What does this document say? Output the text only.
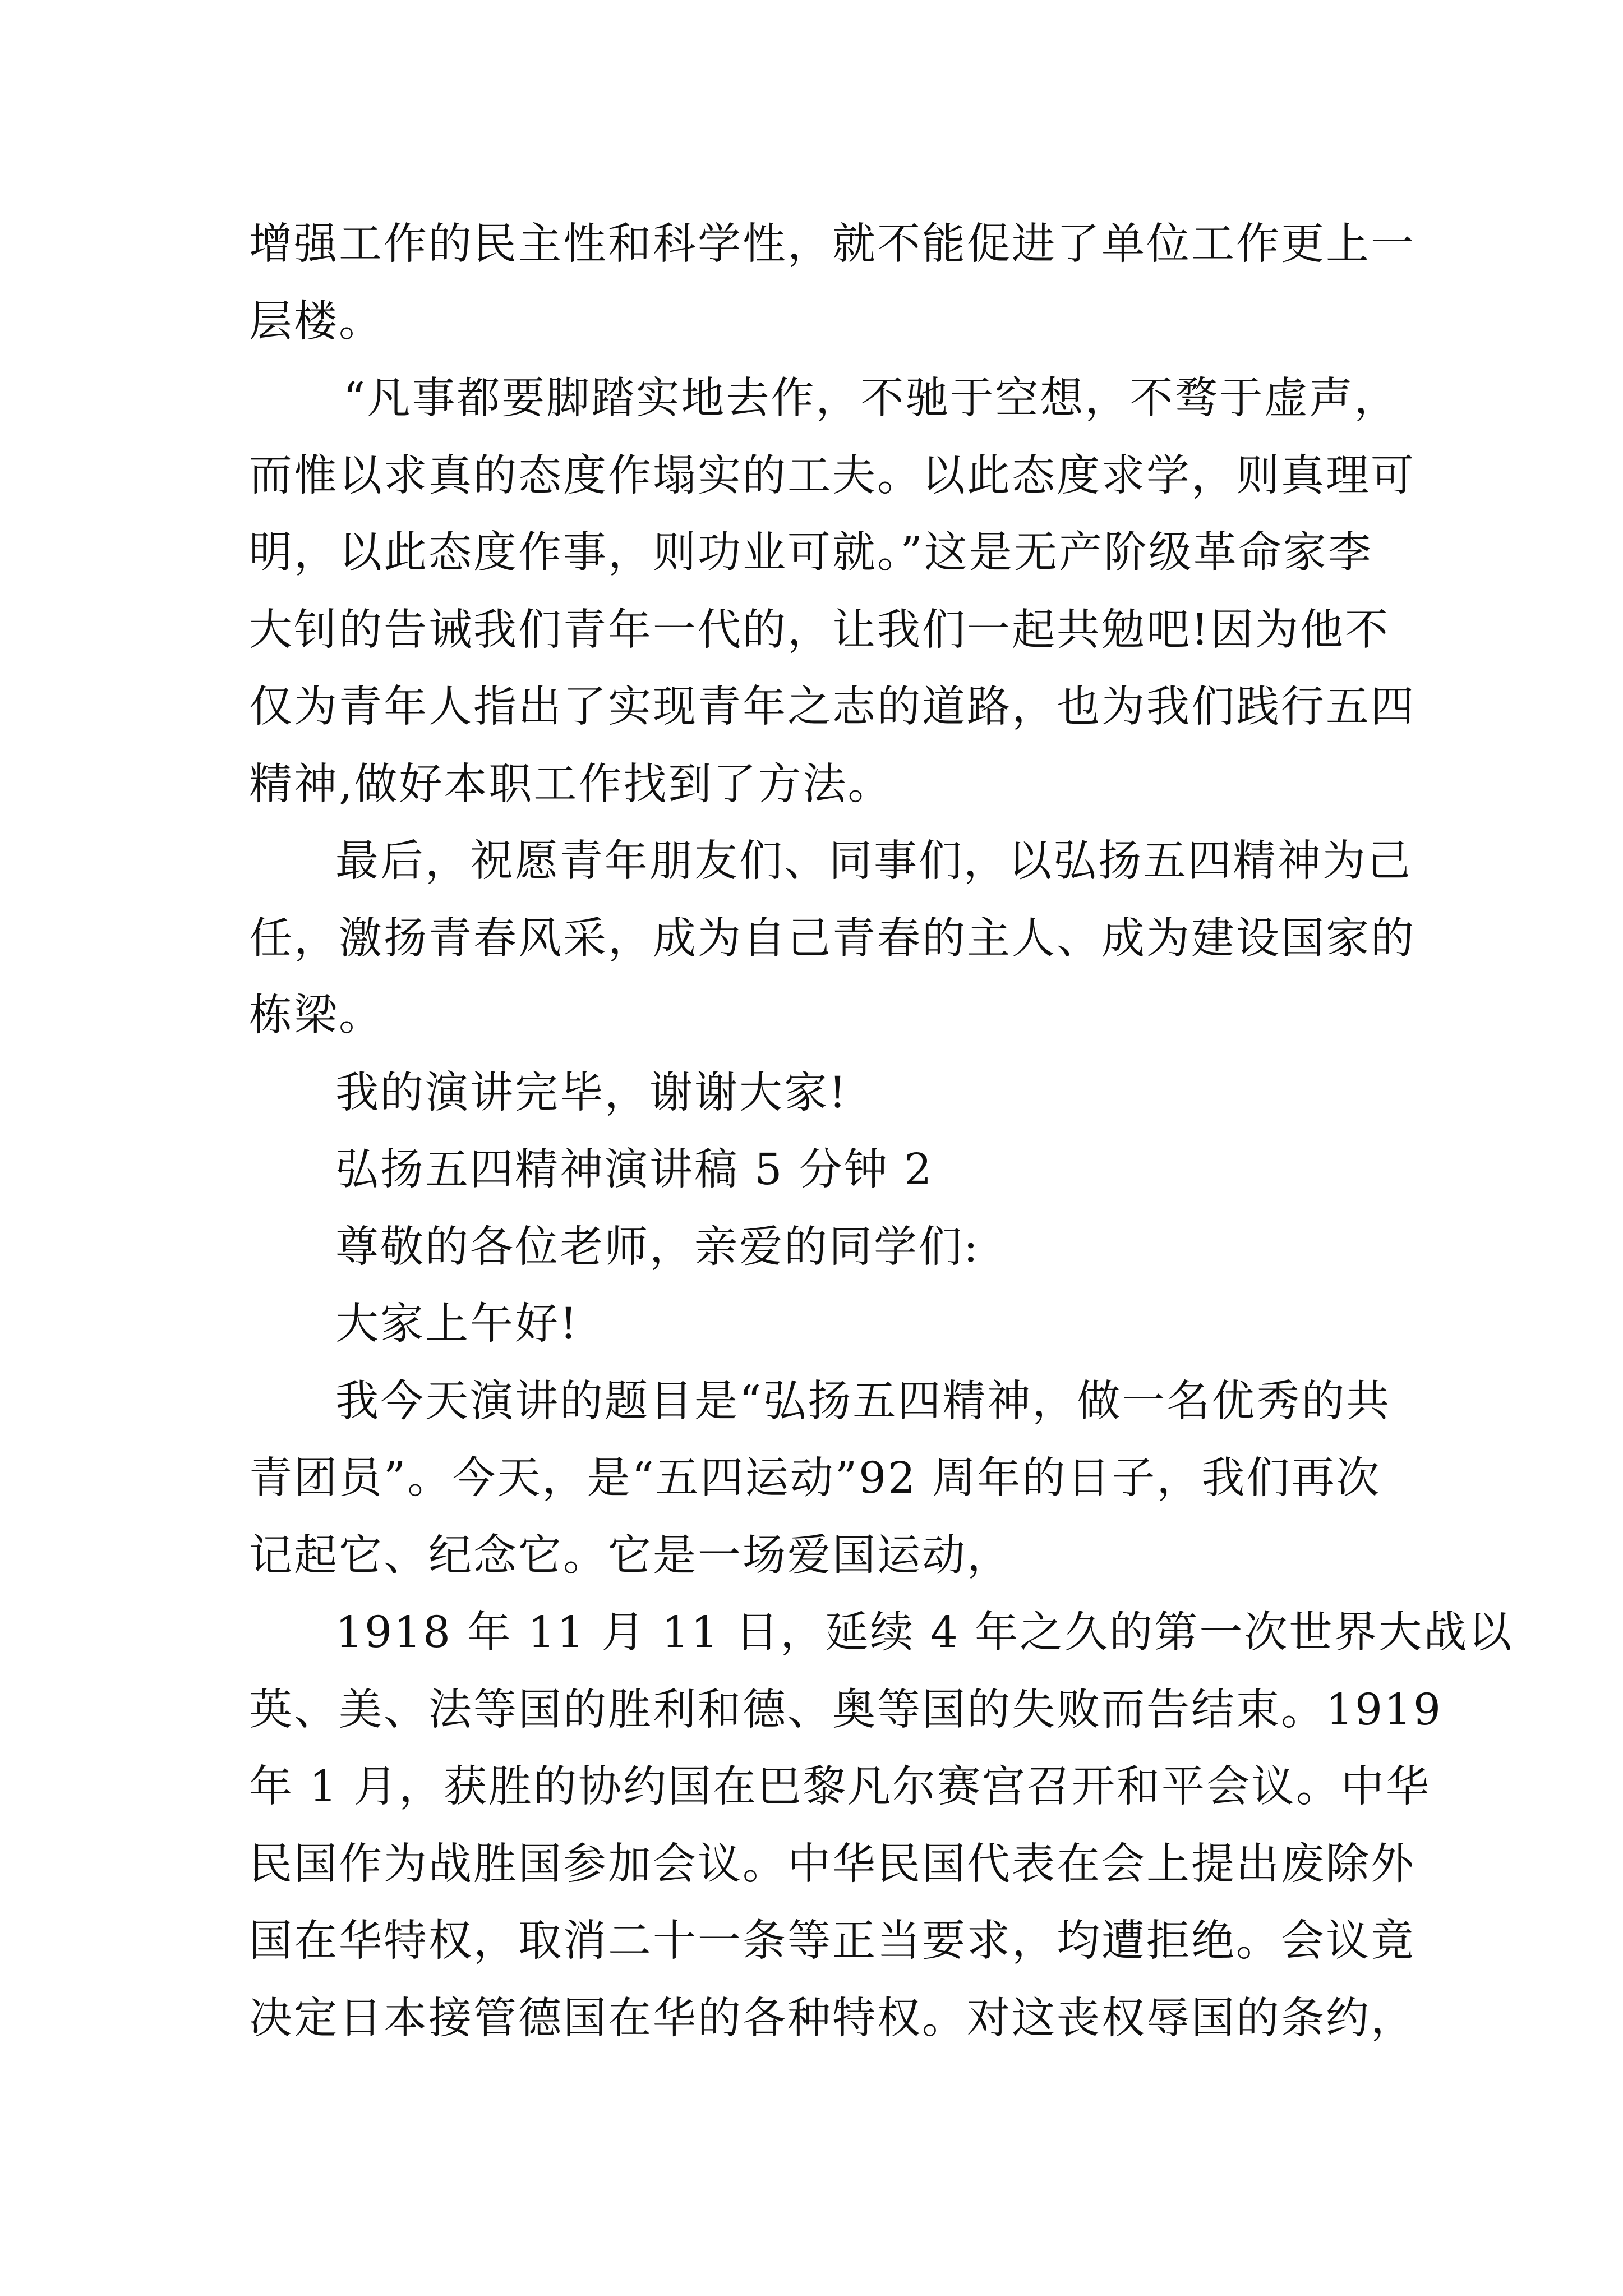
增强工作的民主性和科学性，就不能促进了单位工作更上一
层楼。
“凡事都要脚踏实地去作，不驰于空想，不骛于虚声，
而惟以求真的态度作塌实的工夫。以此态度求学，则真理可
明，以此态度作事，则功业可就。”这是无产阶级革命家李
大钊的告诫我们青年一代的，让我们一起共勉吧!因为他不
仅为青年人指出了实现青年之志的道路，也为我们践行五四
精神,做好本职工作找到了方法。
最后，祝愿青年朋友们、同事们，以弘扬五四精神为己
任，激扬青春风采，成为自己青春的主人、成为建设国家的
栋梁。
我的演讲完毕，谢谢大家!
弘扬五四精神演讲稿 5 分钟 2
尊敬的各位老师，亲爱的同学们:
大家上午好!
我今天演讲的题目是“弘扬五四精神，做一名优秀的共
青团员”。今天，是“五四运动”92 周年的日子，我们再次
记起它、纪念它。它是一场爱国运动，
1918 年 11 月 11 日，延续 4 年之久的第一次世界大战以
英、美、法等国的胜利和德、奥等国的失败而告结束。1919
年 1 月，获胜的协约国在巴黎凡尔赛宫召开和平会议。中华
民国作为战胜国参加会议。中华民国代表在会上提出废除外
国在华特权，取消二十一条等正当要求，均遭拒绝。会议竟
决定日本接管德国在华的各种特权。对这丧权辱国的条约，
